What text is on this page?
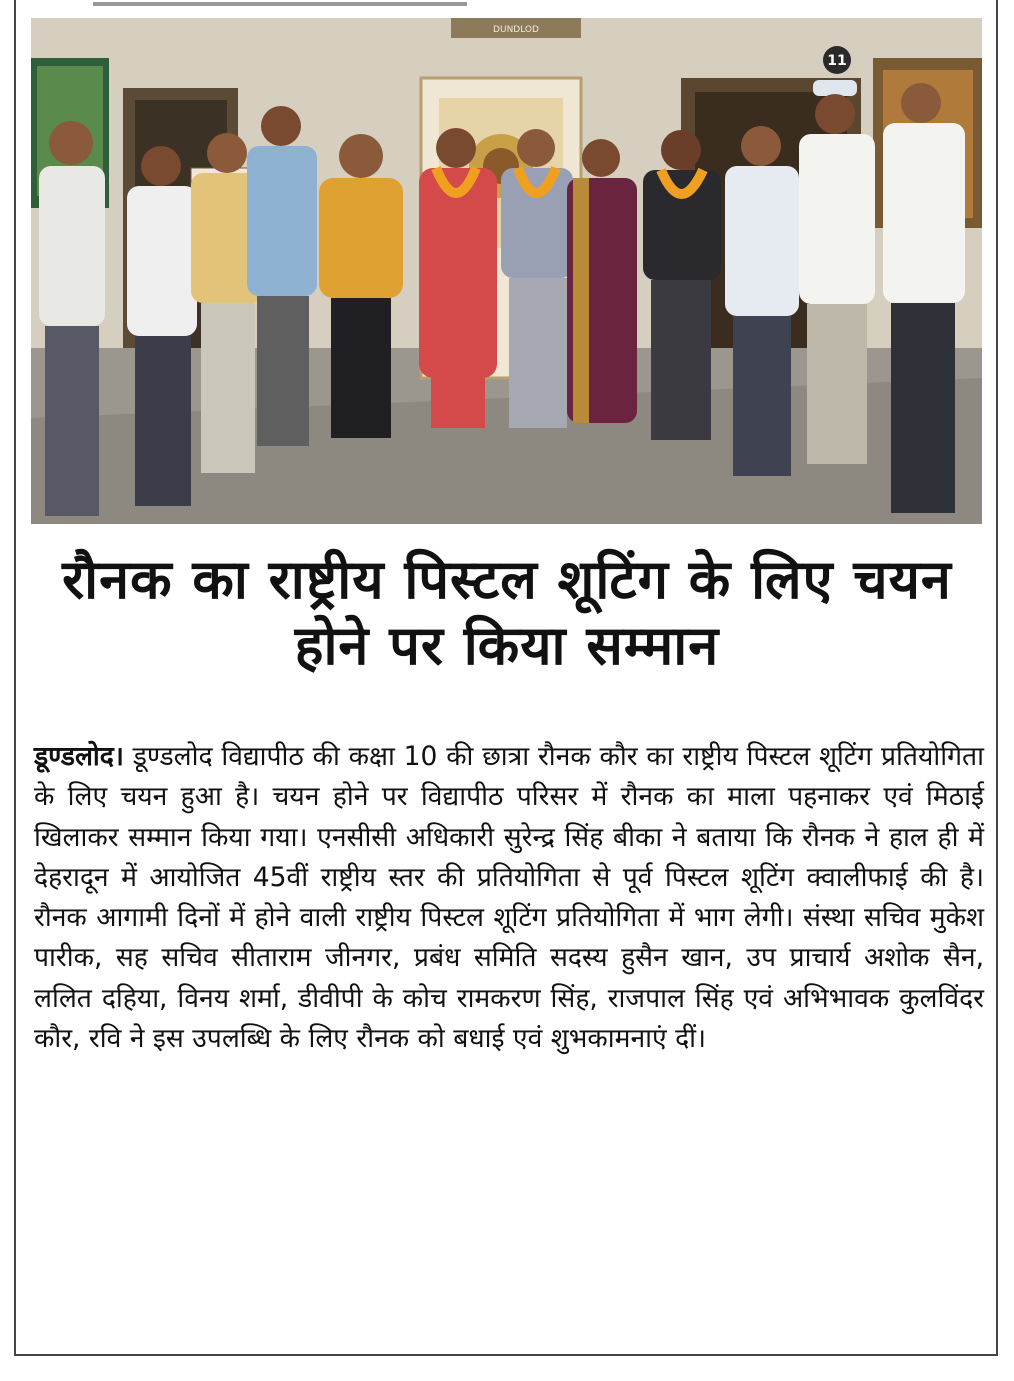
DUNDLOD
11
रौनक का राष्ट्रीय पिस्टल शूटिंग के लिए चयन होने पर किया सम्मान

डूण्डलोद। डूण्डलोद विद्यापीठ की कक्षा 10 की छात्रा रौनक कौर का राष्ट्रीय पिस्टल शूटिंग प्रतियोगिता के लिए चयन हुआ है। चयन होने पर विद्यापीठ परिसर में रौनक का माला पहनाकर एवं मिठाई खिलाकर सम्मान किया गया। एनसीसी अधिकारी सुरेन्द्र सिंह बीका ने बताया कि रौनक ने हाल ही में देहरादून में आयोजित 45वीं राष्ट्रीय स्तर की प्रतियोगिता से पूर्व पिस्टल शूटिंग क्वालीफाई की है। रौनक आगामी दिनों में होने वाली राष्ट्रीय पिस्टल शूटिंग प्रतियोगिता में भाग लेगी। संस्था सचिव मुकेश पारीक, सह सचिव सीताराम जीनगर, प्रबंध समिति सदस्य हुसैन खान, उप प्राचार्य अशोक सैन, ललित दहिया, विनय शर्मा, डीवीपी के कोच रामकरण सिंह, राजपाल सिंह एवं अभिभावक कुलविंदर कौर, रवि ने इस उपलब्धि के लिए रौनक को बधाई एवं शुभकामनाएं दीं।
